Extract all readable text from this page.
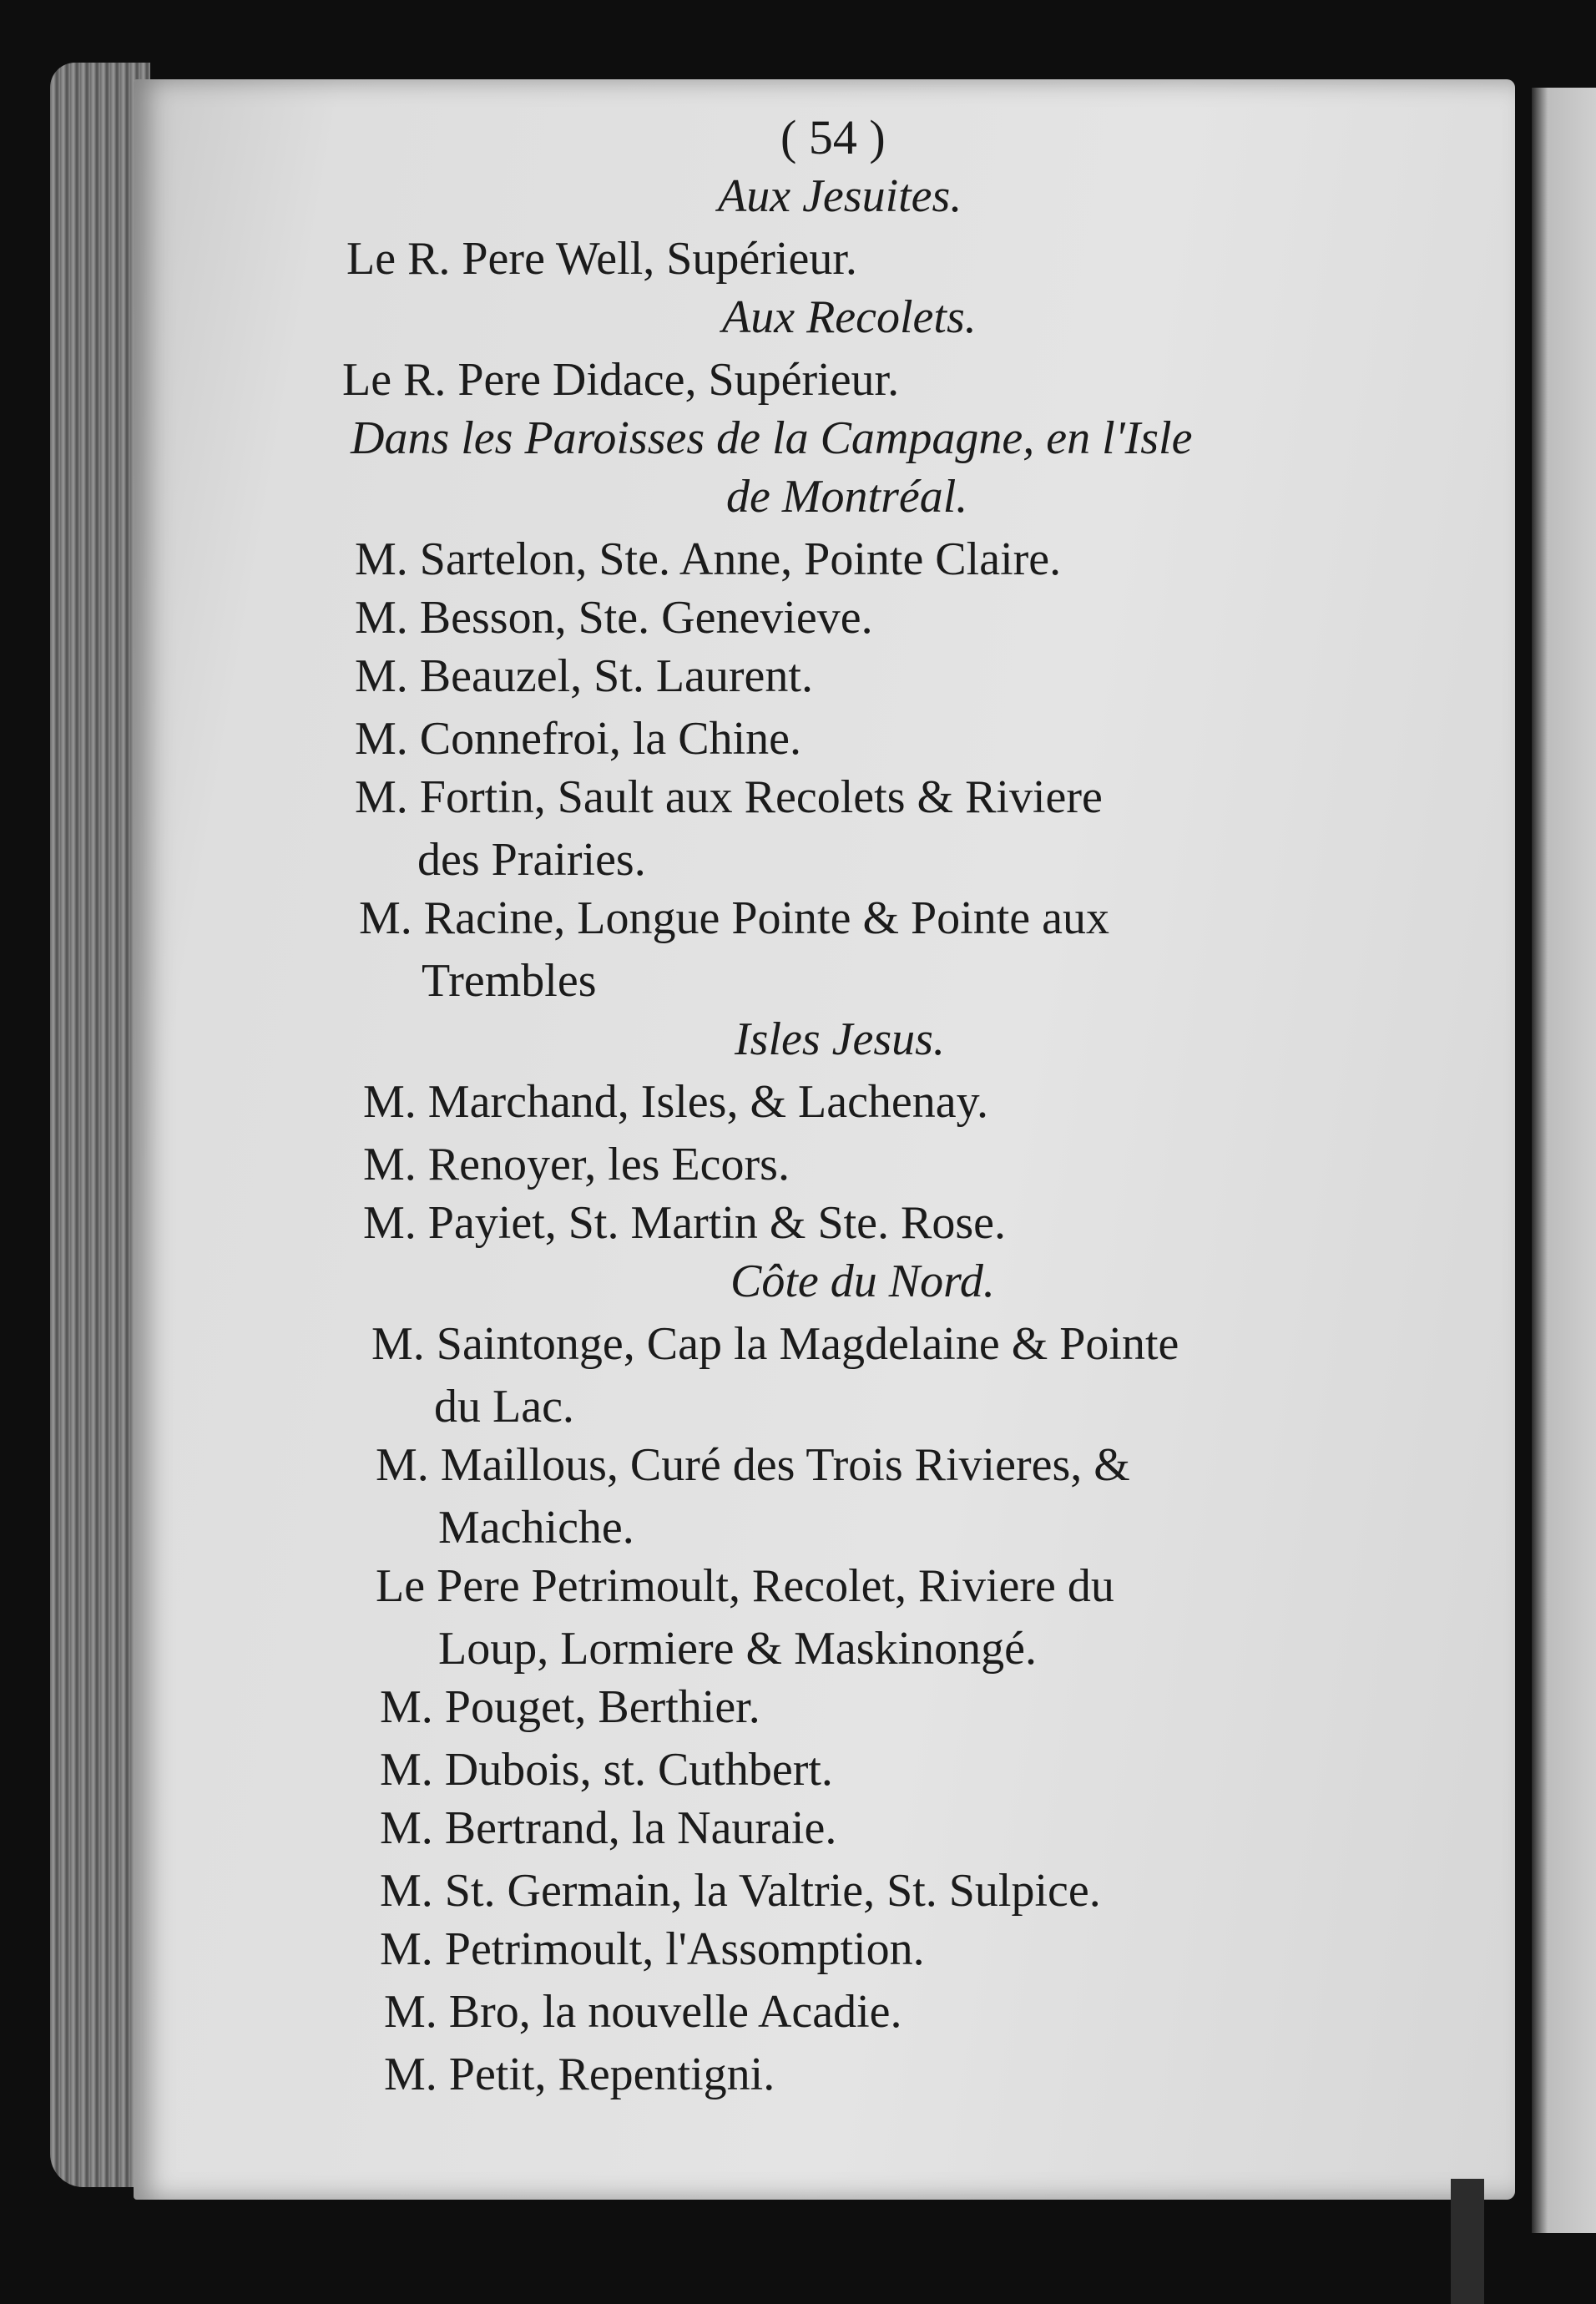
( 54 )
Aux Jesuites.
Le R. Pere Well, Supérieur.
Aux Recolets.
Le R. Pere Didace, Supérieur.
Dans les Paroisses de la Campagne, en l'Isle
de Montréal.
M. Sartelon, Ste. Anne, Pointe Claire.
M. Besson, Ste. Genevieve.
M. Beauzel, St. Laurent.
M. Connefroi, la Chine.
M. Fortin, Sault aux Recolets & Riviere
des Prairies.
M. Racine, Longue Pointe & Pointe aux
Trembles
Isles Jesus.
M. Marchand, Isles, & Lachenay.
M. Renoyer, les Ecors.
M. Payiet, St. Martin & Ste. Rose.
Côte du Nord.
M. Saintonge, Cap la Magdelaine & Pointe
du Lac.
M. Maillous, Curé des Trois Rivieres, &
Machiche.
Le Pere Petrimoult, Recolet, Riviere du
Loup, Lormiere & Maskinongé.
M. Pouget, Berthier.
M. Dubois, st. Cuthbert.
M. Bertrand, la Nauraie.
M. St. Germain, la Valtrie, St. Sulpice.
M. Petrimoult, l'Assomption.
M. Bro, la nouvelle Acadie.
M. Petit, Repentigni.
